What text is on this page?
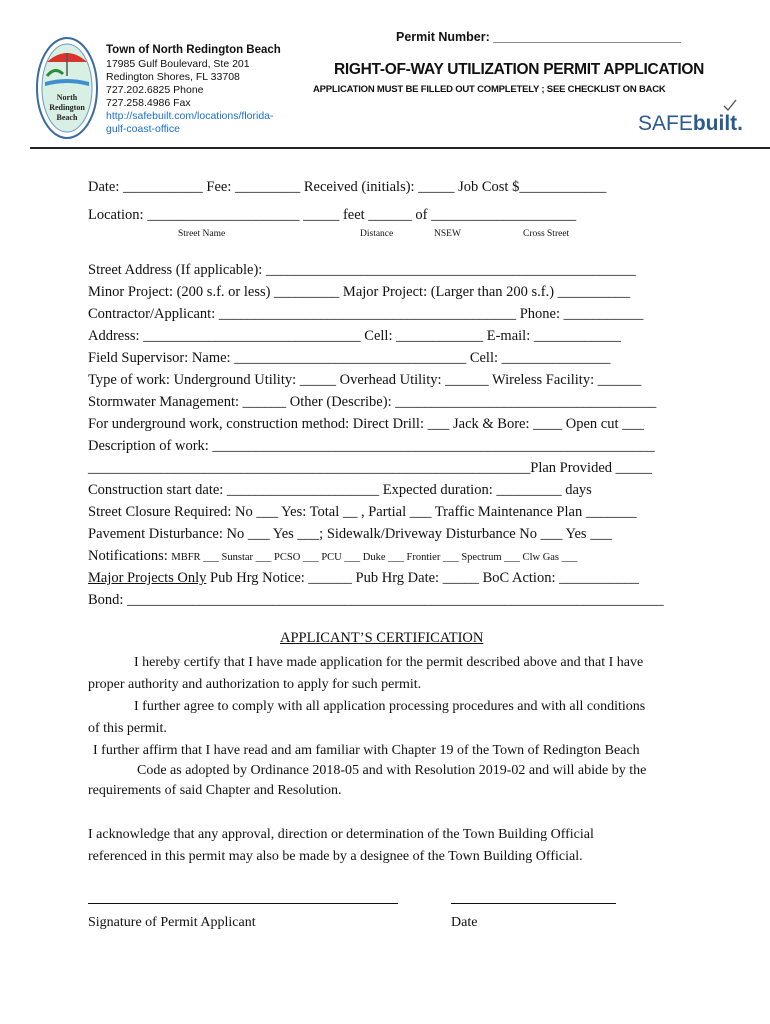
North
Redington
Beach
Town of North Redington Beach
17985 Gulf Boulevard, Ste 201
Redington Shores, FL 33708
727.202.6825 Phone
727.258.4986 Fax
http://safebuilt.com/locations/florida-
gulf-coast-office
Permit Number: ___________________________
RIGHT-OF-WAY UTILIZATION PERMIT APPLICATION
APPLICATION MUST BE FILLED OUT COMPLETELY ; SEE CHECKLIST ON BACK
SAFEbuilt.
Date: ___________ Fee: _________ Received (initials): _____ Job Cost $____________
Location: _____________________ _____ feet ______ of ____________________
Street Name	Distance	NSEW	Cross Street
Street Address (If applicable): ___________________________________________________
Minor Project: (200 s.f. or less) _________ Major Project: (Larger than 200 s.f.) __________
Contractor/Applicant: _________________________________________ Phone: ___________
Address: ______________________________ Cell: ____________ E-mail: ____________
Field Supervisor: Name: ________________________________ Cell: _______________
Type of work: Underground Utility: _____ Overhead Utility: ______ Wireless Facility: ______
Stormwater Management: ______ Other (Describe): ____________________________________
For underground work, construction method: Direct Drill: ___ Jack & Bore: ____ Open cut ___
Description of work: _____________________________________________________________
_____________________________________________________________Plan Provided _____
Construction start date: _____________________ Expected duration: _________ days
Street Closure Required: No ___ Yes: Total __ , Partial ___ Traffic Maintenance Plan _______
Pavement Disturbance: No ___ Yes ___; Sidewalk/Driveway Disturbance No ___ Yes ___
Notifications: MBFR ___ Sunstar ___ PCSO ___ PCU ___ Duke ___ Frontier ___ Spectrum ___ Clw Gas ___
Major Projects Only Pub Hrg Notice: ______ Pub Hrg Date: _____ BoC Action: ___________
Bond: __________________________________________________________________________
APPLICANT’S CERTIFICATION
I hereby certify that I have made application for the permit described above and that I have
proper authority and authorization to apply for such permit.
I further agree to comply with all application processing procedures and with all conditions
of this permit.
I further affirm that I have read and am familiar with Chapter 19 of the Town of Redington Beach
Code as adopted by Ordinance 2018-05 and with Resolution 2019-02 and will abide by the
requirements of said Chapter and Resolution.
I acknowledge that any approval, direction or determination of the Town Building Official
referenced in this permit may also be made by a designee of the Town Building Official.
Signature of Permit Applicant	Date
